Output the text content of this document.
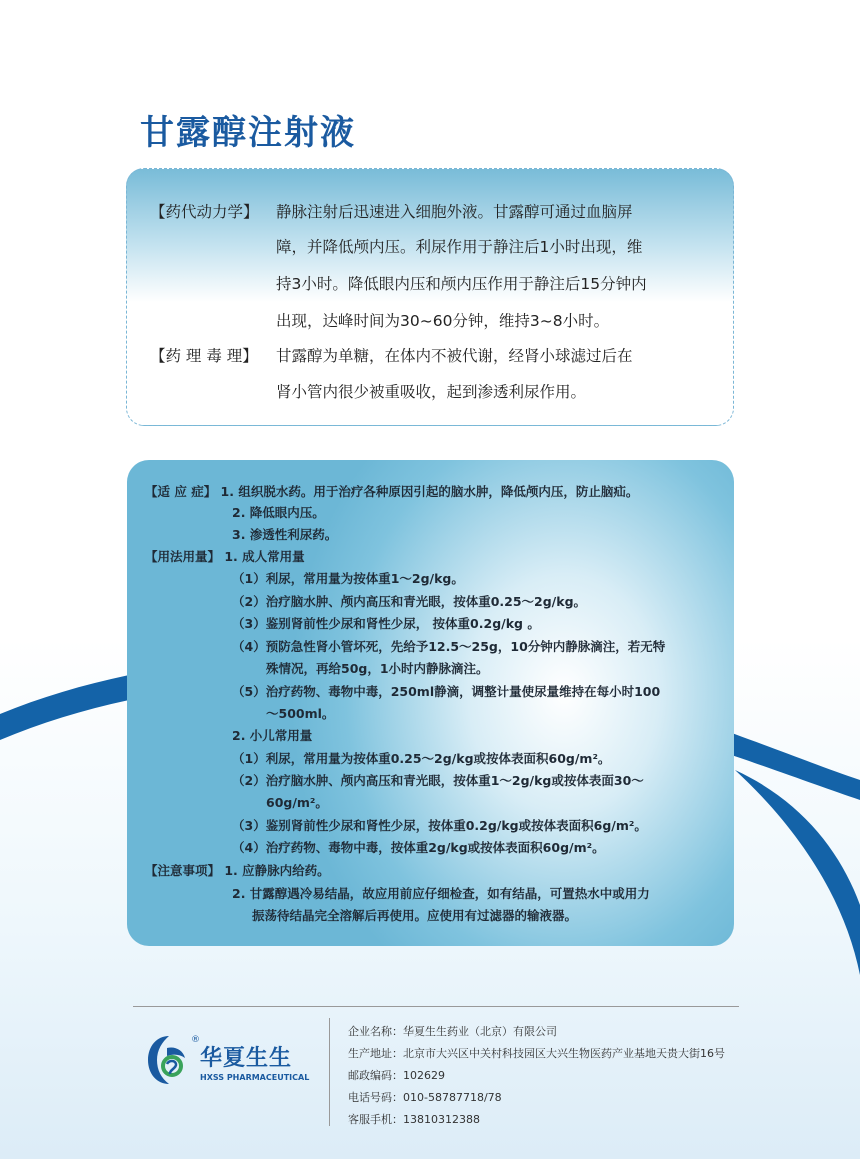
甘露醇注射液
【药代动力学】 静脉注射后迅速进入细胞外液。甘露醇可通过血脑屏
障，并降低颅内压。利尿作用于静注后1小时出现，维
持3小时。降低眼内压和颅内压作用于静注后15分钟内
出现，达峰时间为30~60分钟，维持3~8小时。
【药 理 毒 理】 甘露醇为单糖，在体内不被代谢，经肾小球滤过后在
肾小管内很少被重吸收，起到渗透利尿作用。
【适 应 症】 1. 组织脱水药。用于治疗各种原因引起的脑水肿，降低颅内压，防止脑疝。
2. 降低眼内压。
3. 渗透性利尿药。
【用法用量】 1. 成人常用量
（1）利尿，常用量为按体重1～2g/kg。
（2）治疗脑水肿、颅内高压和青光眼，按体重0.25～2g/kg。
（3）鉴别肾前性少尿和肾性少尿， 按体重0.2g/kg 。
（4）预防急性肾小管坏死，先给予12.5～25g，10分钟内静脉滴注，若无特
殊情况，再给50g，1小时内静脉滴注。
（5）治疗药物、毒物中毒，250ml静滴，调整计量使尿量维持在每小时100
～500ml。
2. 小儿常用量
（1）利尿，常用量为按体重0.25～2g/kg或按体表面积60g/m²。
（2）治疗脑水肿、颅内高压和青光眼，按体重1～2g/kg或按体表面30～
60g/m²。
（3）鉴别肾前性少尿和肾性少尿，按体重0.2g/kg或按体表面积6g/m²。
（4）治疗药物、毒物中毒，按体重2g/kg或按体表面积60g/m²。
【注意事项】 1. 应静脉内给药。
2. 甘露醇遇冷易结晶，故应用前应仔细检查，如有结晶，可置热水中或用力
振荡待结晶完全溶解后再使用。应使用有过滤器的输液器。
®
华夏生生
HXSS PHARMACEUTICAL
企业名称：华夏生生药业（北京）有限公司
生产地址：北京市大兴区中关村科技园区大兴生物医药产业基地天贵大街16号
邮政编码：102629
电话号码：010-58787718/78
客服手机：13810312388
